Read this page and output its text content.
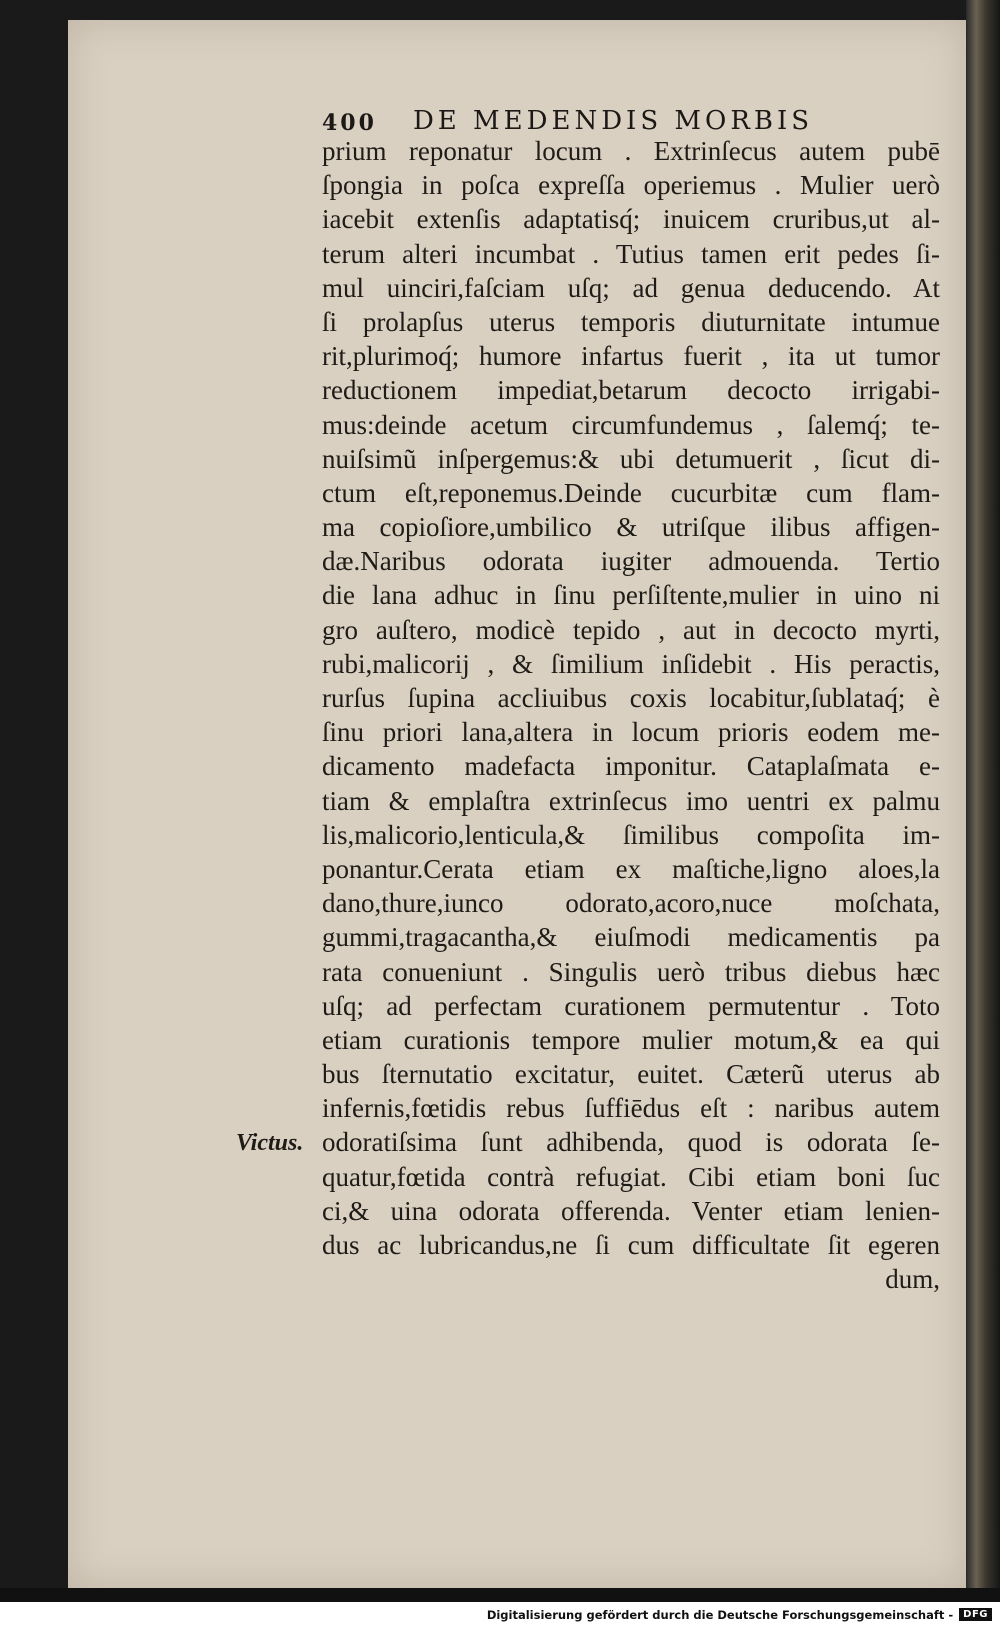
400 DE MEDENDIS MORBIS
prium reponatur locum . Extrinſecus autem pubē
ſpongia in poſca expreſſa operiemus . Mulier uerò
iacebit extenſis adaptatisq́; inuicem cruribus,ut al-
terum alteri incumbat . Tutius tamen erit pedes ſi-
mul uinciri,faſciam uſq; ad genua deducendo. At
ſi prolapſus uterus temporis diuturnitate intumue
rit,plurimoq́; humore infartus fuerit , ita ut tumor
reductionem impediat,betarum decocto irrigabi-
mus:deinde acetum circumfundemus , ſalemq́; te-
nuiſsimũ inſpergemus:& ubi detumuerit , ſicut di-
ctum eſt,reponemus.Deinde cucurbitæ cum flam-
ma copioſiore,umbilico & utriſque ilibus affigen-
dæ.Naribus odorata iugiter admouenda. Tertio
die lana adhuc in ſinu perſiſtente,mulier in uino ni
gro auſtero, modicè tepido , aut in decocto myrti,
rubi,malicorij , & ſimilium inſidebit . His peractis,
rurſus ſupina accliuibus coxis locabitur,ſublataq́; è
ſinu priori lana,altera in locum prioris eodem me-
dicamento madefacta imponitur. Cataplaſmata e-
tiam & emplaſtra extrinſecus imo uentri ex palmu
lis,malicorio,lenticula,& ſimilibus compoſita im-
ponantur.Cerata etiam ex maſtiche,ligno aloes,la
dano,thure,iunco odorato,acoro,nuce moſchata,
gummi,tragacantha,& eiuſmodi medicamentis pa
rata conueniunt . Singulis uerò tribus diebus hæc
uſq; ad perfectam curationem permutentur . Toto
etiam curationis tempore mulier motum,& ea qui
bus ſternutatio excitatur, euitet. Cæterũ uterus ab
infernis,fœtidis rebus ſuffiēdus eſt : naribus autem
odoratiſsima ſunt adhibenda, quod is odorata ſe-
quatur,fœtida contrà refugiat. Cibi etiam boni ſuc
ci,& uina odorata offerenda. Venter etiam lenien-
dus ac lubricandus,ne ſi cum difficultate ſit egeren
dum,
Victus.
Digitalisierung gefördert durch die Deutsche Forschungsgemeinschaft -	DFG
